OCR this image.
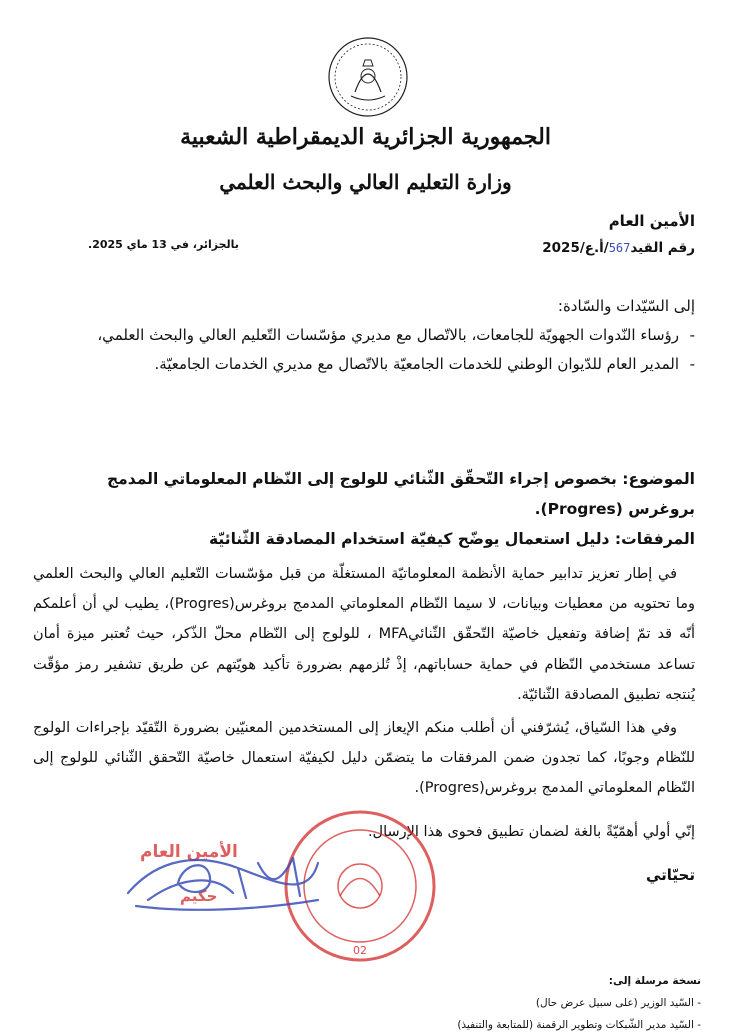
الجمهورية الجزائرية الديمقراطية الشعبية
وزارة التعليم العالي والبحث العلمي
الأمين العام
رقم القيد567/أ.ع/2025
بالجزائر، في 13 ماي 2025.
إلى السّيّدات والسّادة:
- رؤساء النّدوات الجهويّة للجامعات، بالاتّصال مع مديري مؤسّسات التّعليم العالي والبحث العلمي،
- المدير العام للدّيوان الوطني للخدمات الجامعيّة بالاتّصال مع مديري الخدمات الجامعيّة.
الموضوع: بخصوص إجراء التّحقّق الثّنائي للولوج إلى النّظام المعلوماتي المدمج بروغرس (Progres).
المرفقات: دليل استعمال يوضّح كيفيّة استخدام المصادقة الثّنائيّة

في إطار تعزيز تدابير حماية الأنظمة المعلوماتيّة المستغلّة من قبل مؤسّسات التّعليم العالي والبحث العلمي وما تحتويه من معطيات وبيانات، لا سيما النّظام المعلوماتي المدمج بروغرس(Progres)، يطيب لي أن أعلمكم أنّه قد تمّ إضافة وتفعيل خاصيّة التّحقّق الثّنائيMFA ، للولوج إلى النّظام محلّ الذّكر، حيث تُعتبر ميزة أمان تساعد مستخدمي النّظام في حماية حساباتهم، إذْ تُلزمهم بضرورة تأكيد هويّتهم عن طريق تشفير رمز مؤقّت يُنتجه تطبيق المصادقة الثّنائيّة.

وفي هذا السّياق، يُشرّفني أن أطلب منكم الإيعاز إلى المستخدمين المعنيّين بضرورة التّقيّد بإجراءات الولوج للنّظام وجوبًا، كما تجدون ضمن المرفقات ما يتضمّن دليل لكيفيّة استعمال خاصيّة التّحقق الثّنائي للولوج إلى النّظام المعلوماتي المدمج بروغرس(Progres).

إنّي أولي أهمّيّةً بالغة لضمان تطبيق فحوى هذا الإرسال.
تحيّاتي
02
الأمين العام
حكيم
نسخة مرسلة إلى:
- السّيد الوزير (على سبيل عرض حال)
- السّيد مدير الشّبكات وتطوير الرقمنة (للمتابعة والتنفيذ)
